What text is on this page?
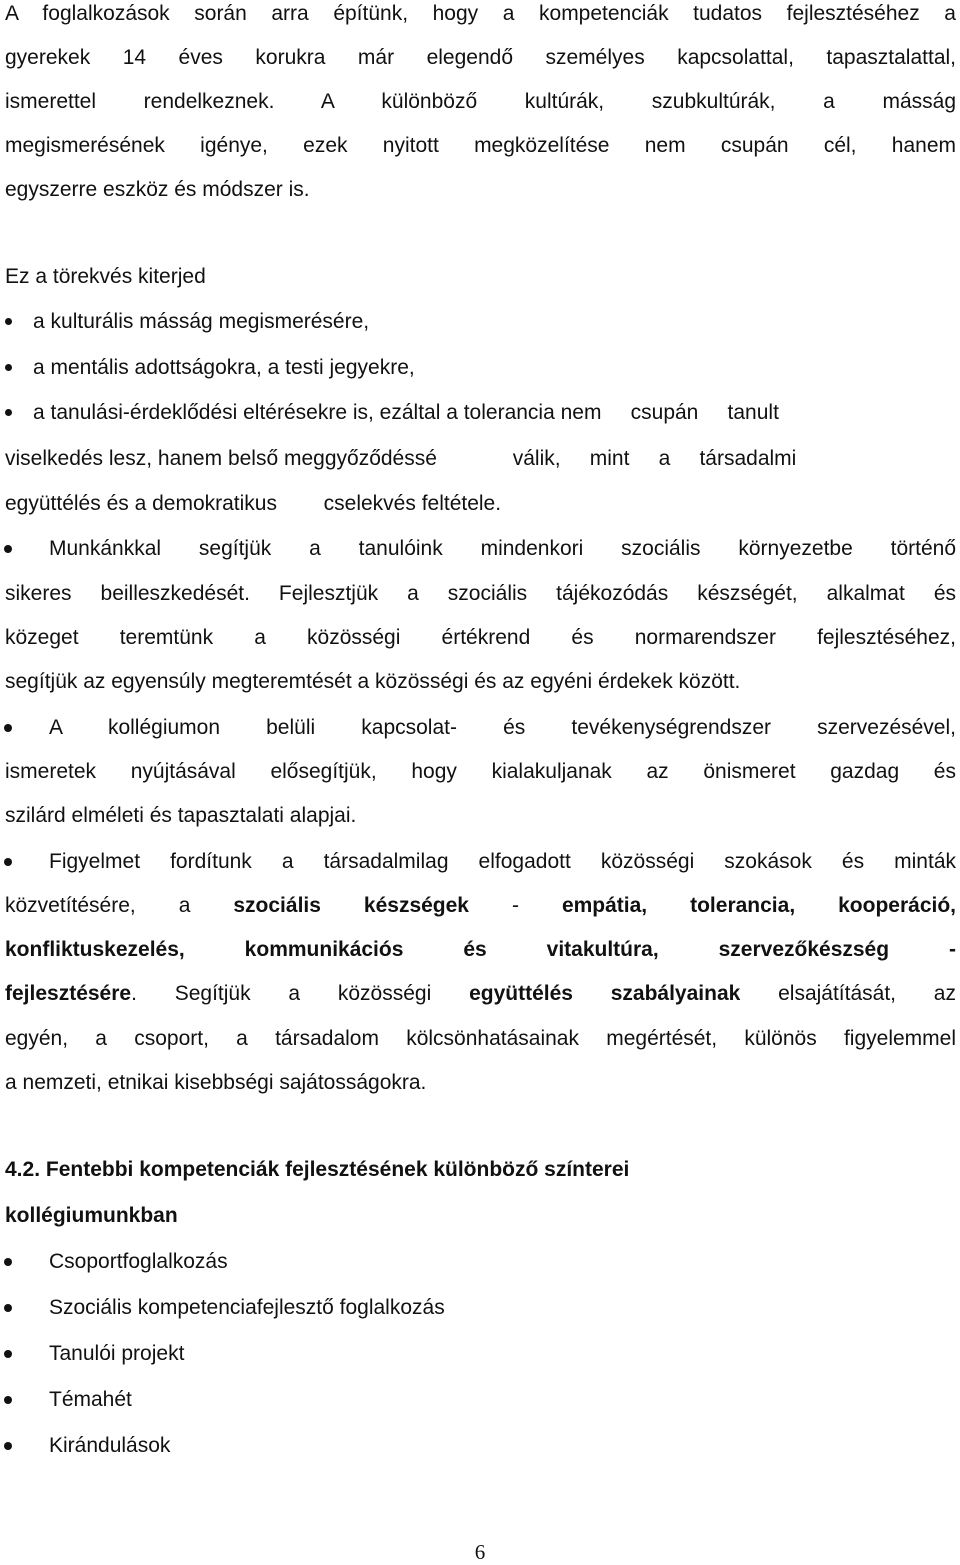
A foglalkozások során arra építünk, hogy a kompetenciák tudatos fejlesztéséhez a
gyerekek 14 éves korukra már elegendő személyes kapcsolattal, tapasztalattal,
ismerettel rendelkeznek. A különböző kultúrák, szubkultúrák, a másság
megismerésének igénye, ezek nyitott megközelítése nem csupán cél, hanem
egyszerre eszköz és módszer is.
Ez a törekvés kiterjed
a kulturális másság megismerésére,
a mentális adottságokra, a testi jegyekre,
a tanulási-érdeklődési eltérésekre is, ezáltal a tolerancia nem     csupán     tanult
viselkedés lesz, hanem belső meggyőződéssé             válik,     mint     a     társadalmi
együttélés és a demokratikus        cselekvés feltétele.
Munkánkkal segítjük a tanulóink mindenkori szociális környezetbe történő
sikeres beilleszkedését. Fejlesztjük a szociális tájékozódás készségét, alkalmat és
közeget teremtünk a közösségi értékrend és normarendszer fejlesztéséhez,
segítjük az egyensúly megteremtését a közösségi és az egyéni érdekek között.
A kollégiumon belüli kapcsolat- és tevékenységrendszer szervezésével,
ismeretek nyújtásával elősegítjük, hogy kialakuljanak az önismeret gazdag és
szilárd elméleti és tapasztalati alapjai.
Figyelmet fordítunk a társadalmilag elfogadott közösségi szokások és minták
közvetítésére, a szociális készségek - empátia, tolerancia, kooperáció,
konfliktuskezelés, kommunikációs és vitakultúra, szervezőkészség -
fejlesztésére. Segítjük a közösségi együttélés szabályainak elsajátítását, az
egyén, a csoport, a társadalom kölcsönhatásainak megértését, különös figyelemmel
a nemzeti, etnikai kisebbségi sajátosságokra.
4.2. Fentebbi kompetenciák fejlesztésének különböző színterei
kollégiumunkban
Csoportfoglalkozás
Szociális kompetenciafejlesztő foglalkozás
Tanulói projekt
Témahét
Kirándulások
6
